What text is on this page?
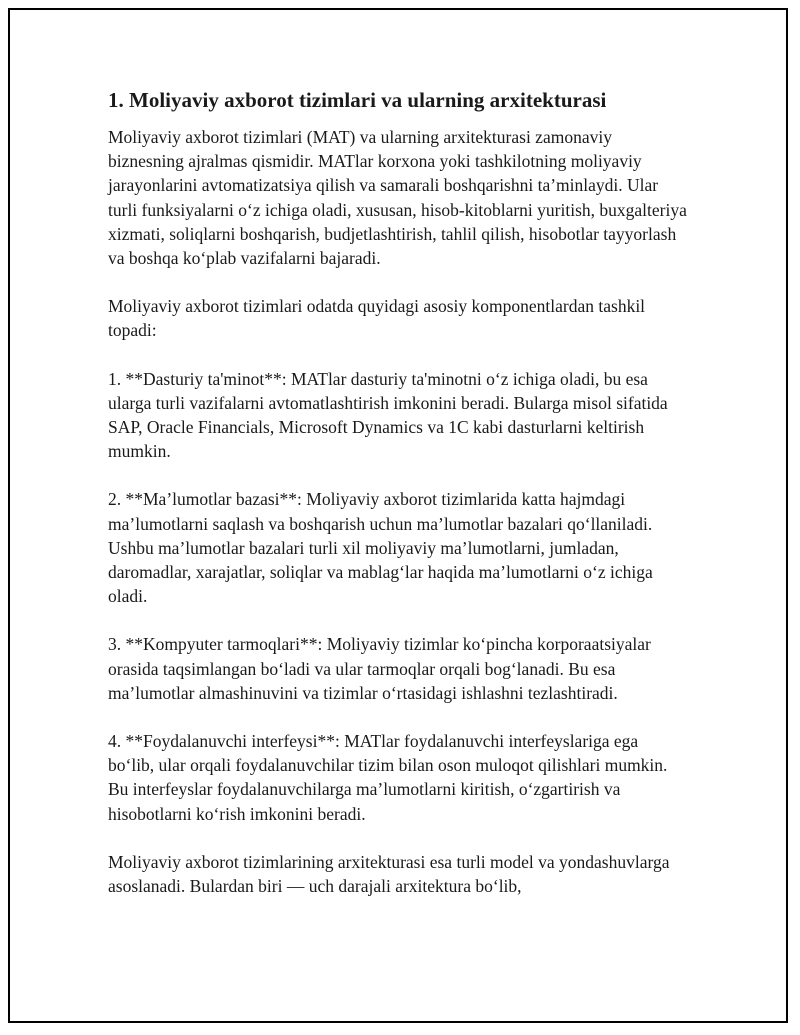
1. Moliyaviy axborot tizimlari va ularning arxitekturasi

Moliyaviy axborot tizimlari (MAT) va ularning arxitekturasi zamonaviy biznesning ajralmas qismidir. MATlar korxona yoki tashkilotning moliyaviy jarayonlarini avtomatizatsiya qilish va samarali boshqarishni ta’minlaydi. Ular turli funksiyalarni o‘z ichiga oladi, xususan, hisob-kitoblarni yuritish, buxgalteriya xizmati, soliqlarni boshqarish, budjetlashtirish, tahlil qilish, hisobotlar tayyorlash va boshqa ko‘plab vazifalarni bajaradi.

Moliyaviy axborot tizimlari odatda quyidagi asosiy komponentlardan tashkil topadi:

1. **Dasturiy ta'minot**: MATlar dasturiy ta'minotni o‘z ichiga oladi, bu esa ularga turli vazifalarni avtomatlashtirish imkonini beradi. Bularga misol sifatida SAP, Oracle Financials, Microsoft Dynamics va 1C kabi dasturlarni keltirish mumkin.

2. **Ma’lumotlar bazasi**: Moliyaviy axborot tizimlarida katta hajmdagi ma’lumotlarni saqlash va boshqarish uchun ma’lumotlar bazalari qo‘llaniladi. Ushbu ma’lumotlar bazalari turli xil moliyaviy ma’lumotlarni, jumladan, daromadlar, xarajatlar, soliqlar va mablag‘lar haqida ma’lumotlarni o‘z ichiga oladi.

3. **Kompyuter tarmoqlari**: Moliyaviy tizimlar ko‘pincha korporaatsiyalar orasida taqsimlangan bo‘ladi va ular tarmoqlar orqali bog‘lanadi. Bu esa ma’lumotlar almashinuvini va tizimlar o‘rtasidagi ishlashni tezlashtiradi.

4. **Foydalanuvchi interfeysi**: MATlar foydalanuvchi interfeyslariga ega bo‘lib, ular orqali foydalanuvchilar tizim bilan oson muloqot qilishlari mumkin. Bu interfeyslar foydalanuvchilarga ma’lumotlarni kiritish, o‘zgartirish va hisobotlarni ko‘rish imkonini beradi.

Moliyaviy axborot tizimlarining arxitekturasi esa turli model va yondashuvlarga asoslanadi. Bulardan biri — uch darajali arxitektura bo‘lib,
